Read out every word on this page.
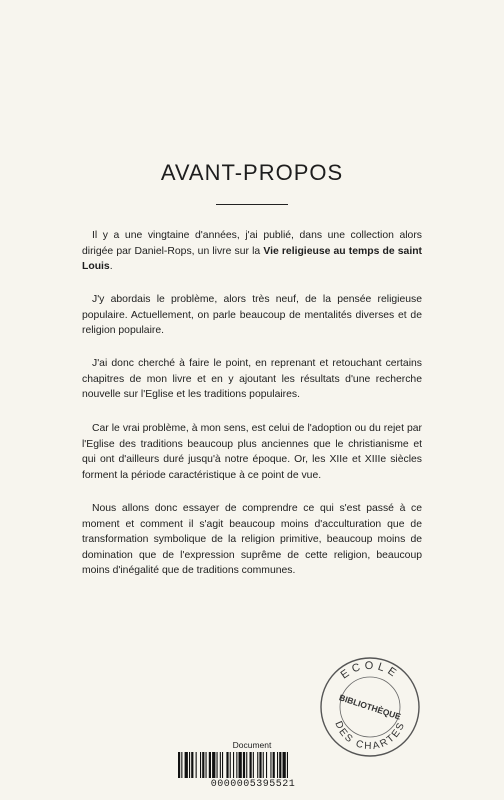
AVANT-PROPOS

Il y a une vingtaine d'années, j'ai publié, dans une collection alors dirigée par Daniel-Rops, un livre sur la Vie religieuse au temps de saint Louis.

J'y abordais le problème, alors très neuf, de la pensée religieuse populaire. Actuellement, on parle beaucoup de mentalités diverses et de religion populaire.

J'ai donc cherché à faire le point, en reprenant et retouchant certains chapitres de mon livre et en y ajoutant les résultats d'une recherche nouvelle sur l'Eglise et les traditions populaires.

Car le vrai problème, à mon sens, est celui de l'adoption ou du rejet par l'Eglise des traditions beaucoup plus anciennes que le christianisme et qui ont d'ailleurs duré jusqu'à notre époque. Or, les XIIe et XIIIe siècles forment la période caractéristique à ce point de vue.

Nous allons donc essayer de comprendre ce qui s'est passé à ce moment et comment il s'agit beaucoup moins d'acculturation que de transformation symbolique de la religion primitive, beaucoup moins de domination que de l'expression suprême de cette religion, beaucoup moins d'inégalité que de traditions communes.

ECOLE
BIBLIOTHÈQUE
DES CHARTES
Document
0000005395521
